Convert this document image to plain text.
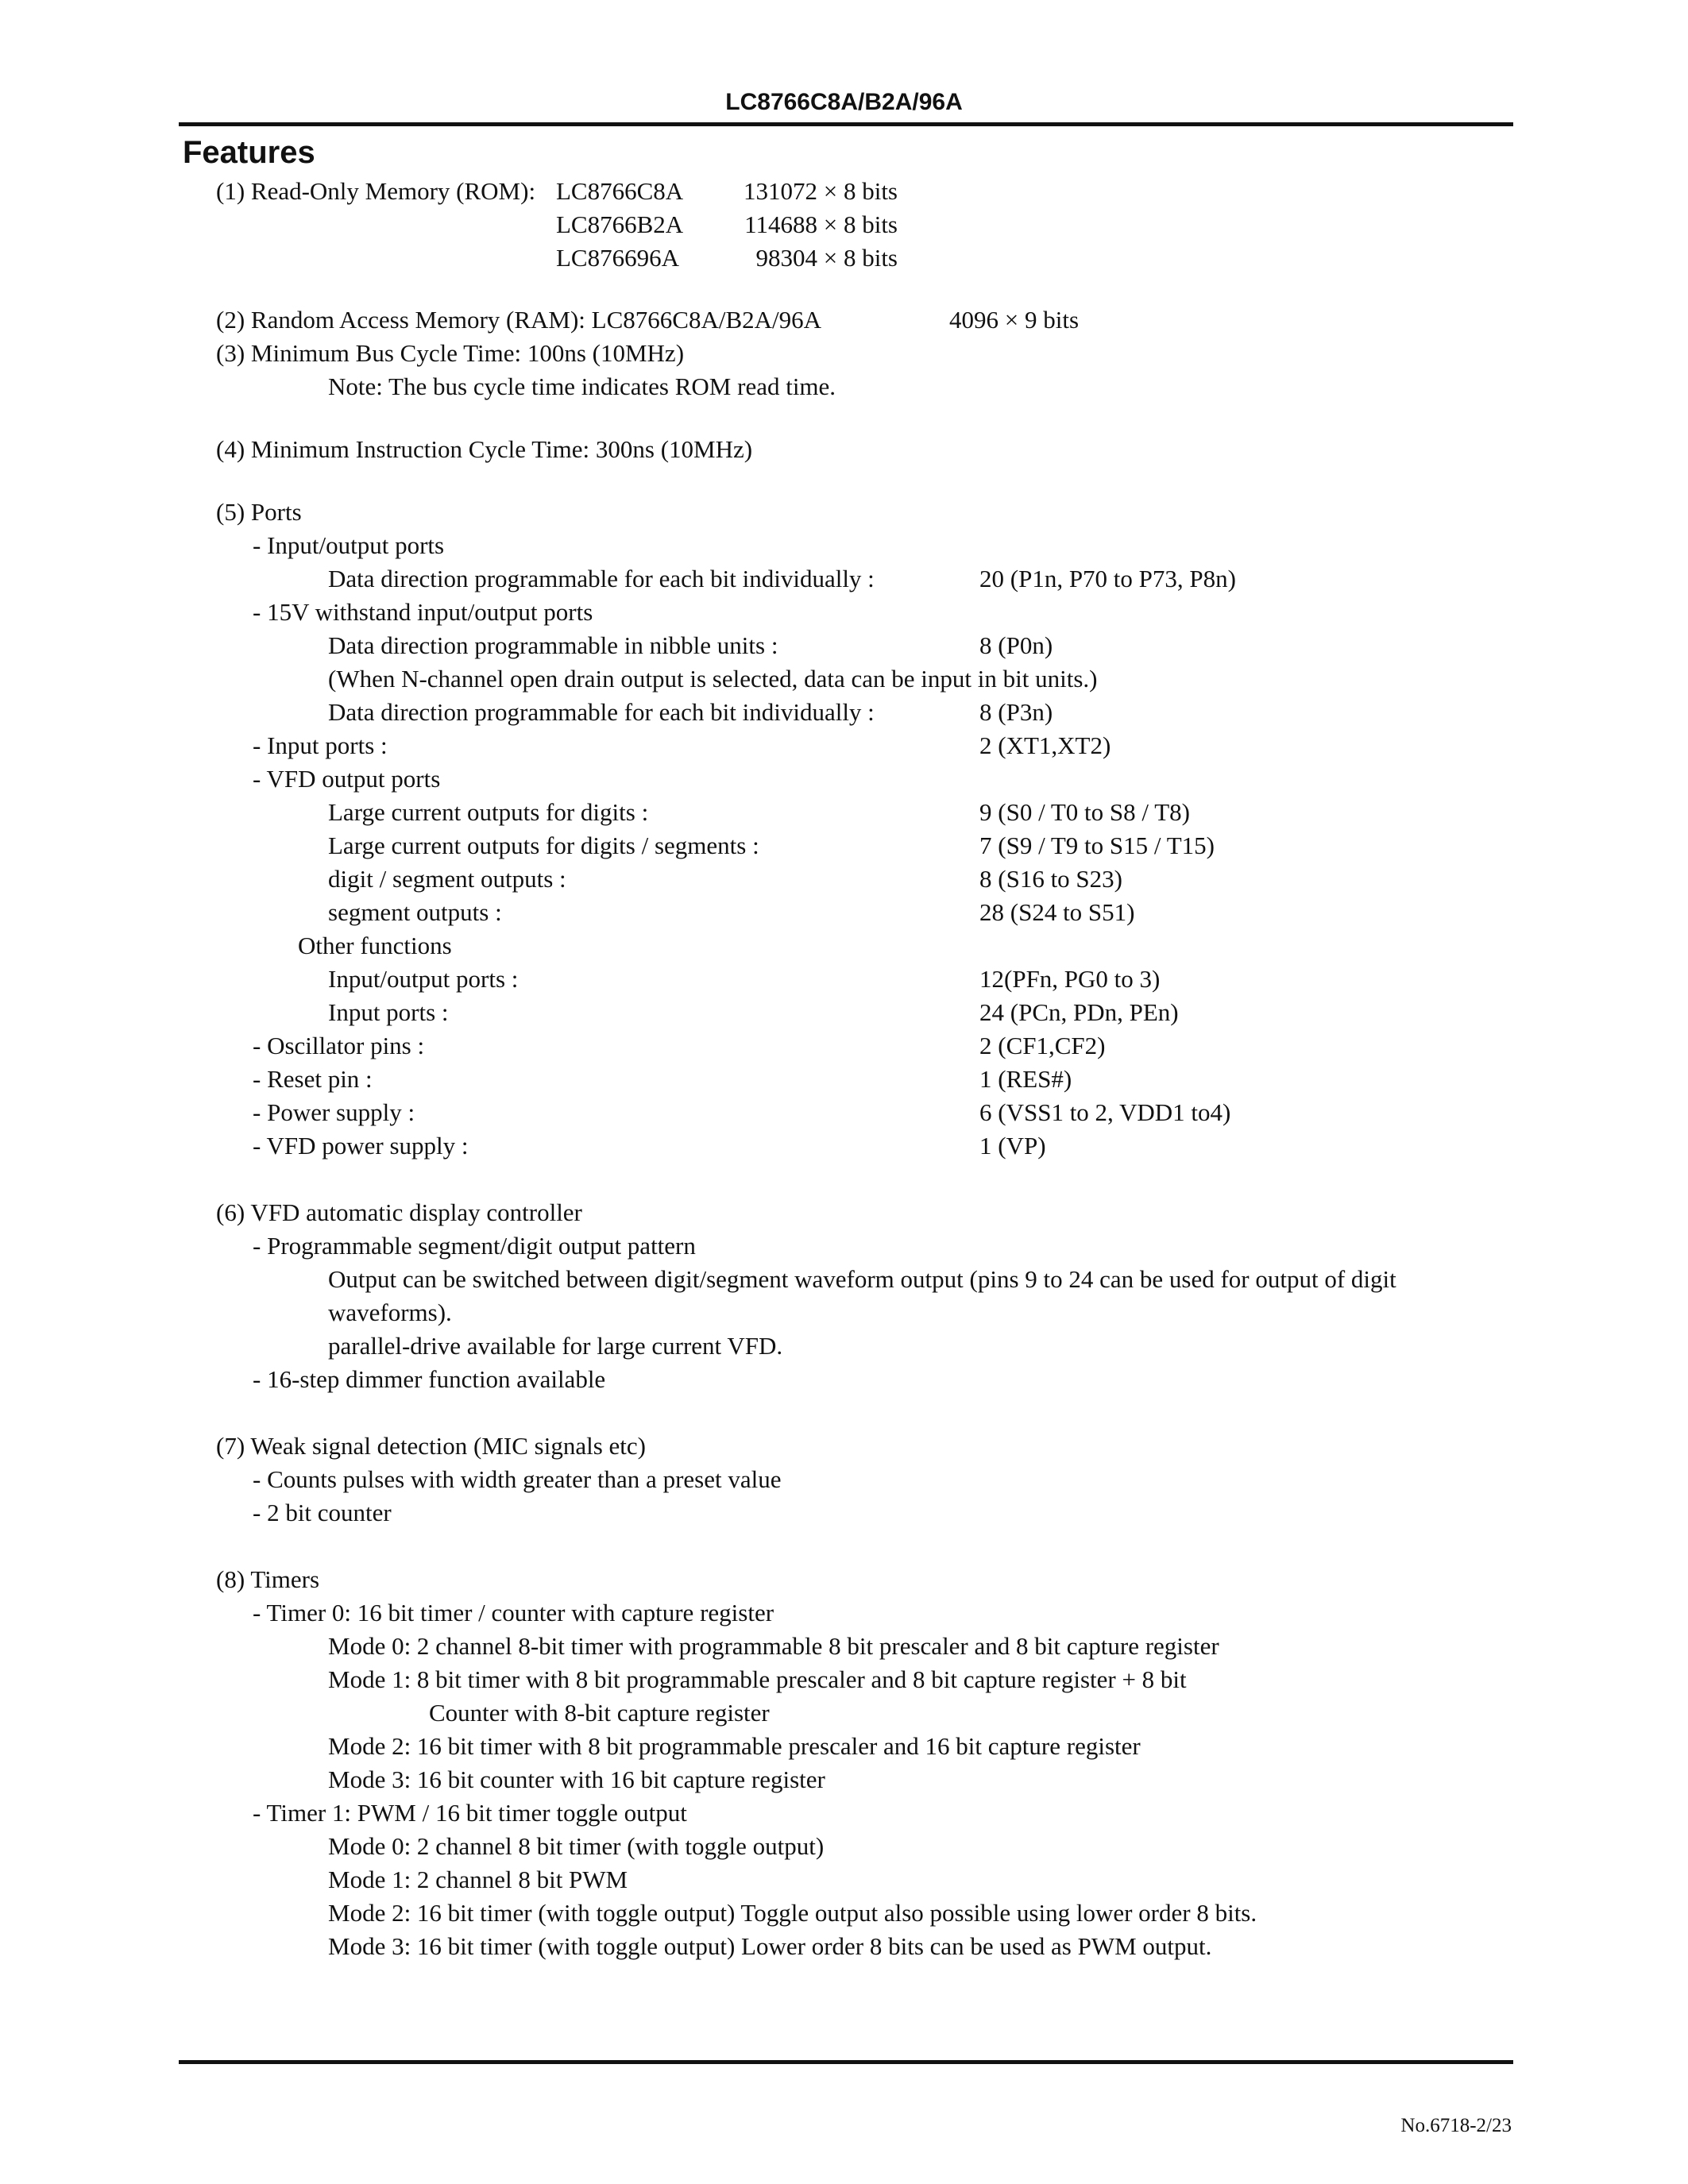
LC8766C8A/B2A/96A
Features
(1) Read-Only Memory (ROM): LC8766C8A	131072 × 8 bits
LC8766B2A	114688 × 8 bits
LC876696A	98304 × 8 bits
(2) Random Access Memory (RAM): LC8766C8A/B2A/96A	4096 × 9 bits
(3) Minimum Bus Cycle Time: 100ns (10MHz)
Note: The bus cycle time indicates ROM read time.
(4) Minimum Instruction Cycle Time: 300ns (10MHz)
(5) Ports
- Input/output ports
Data direction programmable for each bit individually :	20 (P1n, P70 to P73, P8n)
- 15V withstand input/output ports
Data direction programmable in nibble units :	8 (P0n)
(When N-channel open drain output is selected, data can be input in bit units.)
Data direction programmable for each bit individually :	8 (P3n)
- Input ports :	2 (XT1,XT2)
- VFD output ports
Large current outputs for digits :	9 (S0 / T0 to S8 / T8)
Large current outputs for digits / segments :	7 (S9 / T9 to S15 / T15)
digit / segment outputs :	8 (S16 to S23)
segment outputs :	28 (S24 to S51)
Other functions
Input/output ports :	12(PFn, PG0 to 3)
Input ports :	24 (PCn, PDn, PEn)
- Oscillator pins :	2 (CF1,CF2)
- Reset pin :	1 (RES#)
- Power supply :	6 (VSS1 to 2, VDD1 to4)
- VFD power supply :	1 (VP)
(6) VFD automatic display controller
- Programmable segment/digit output pattern
Output can be switched between digit/segment waveform output (pins 9 to 24 can be used for output of digit
waveforms).
parallel-drive available for large current VFD.
- 16-step dimmer function available
(7) Weak signal detection (MIC signals etc)
- Counts pulses with width greater than a preset value
- 2 bit counter
(8) Timers
- Timer 0: 16 bit timer / counter with capture register
Mode 0: 2 channel 8-bit timer with programmable 8 bit prescaler and 8 bit capture register
Mode 1: 8 bit timer with 8 bit programmable prescaler and 8 bit capture register + 8 bit
Counter with 8-bit capture register
Mode 2: 16 bit timer with 8 bit programmable prescaler and 16 bit capture register
Mode 3: 16 bit counter with 16 bit capture register
- Timer 1: PWM / 16 bit timer toggle output
Mode 0: 2 channel 8 bit timer (with toggle output)
Mode 1: 2 channel 8 bit PWM
Mode 2: 16 bit timer (with toggle output) Toggle output also possible using lower order 8 bits.
Mode 3: 16 bit timer (with toggle output) Lower order 8 bits can be used as PWM output.
No.6718-2/23
